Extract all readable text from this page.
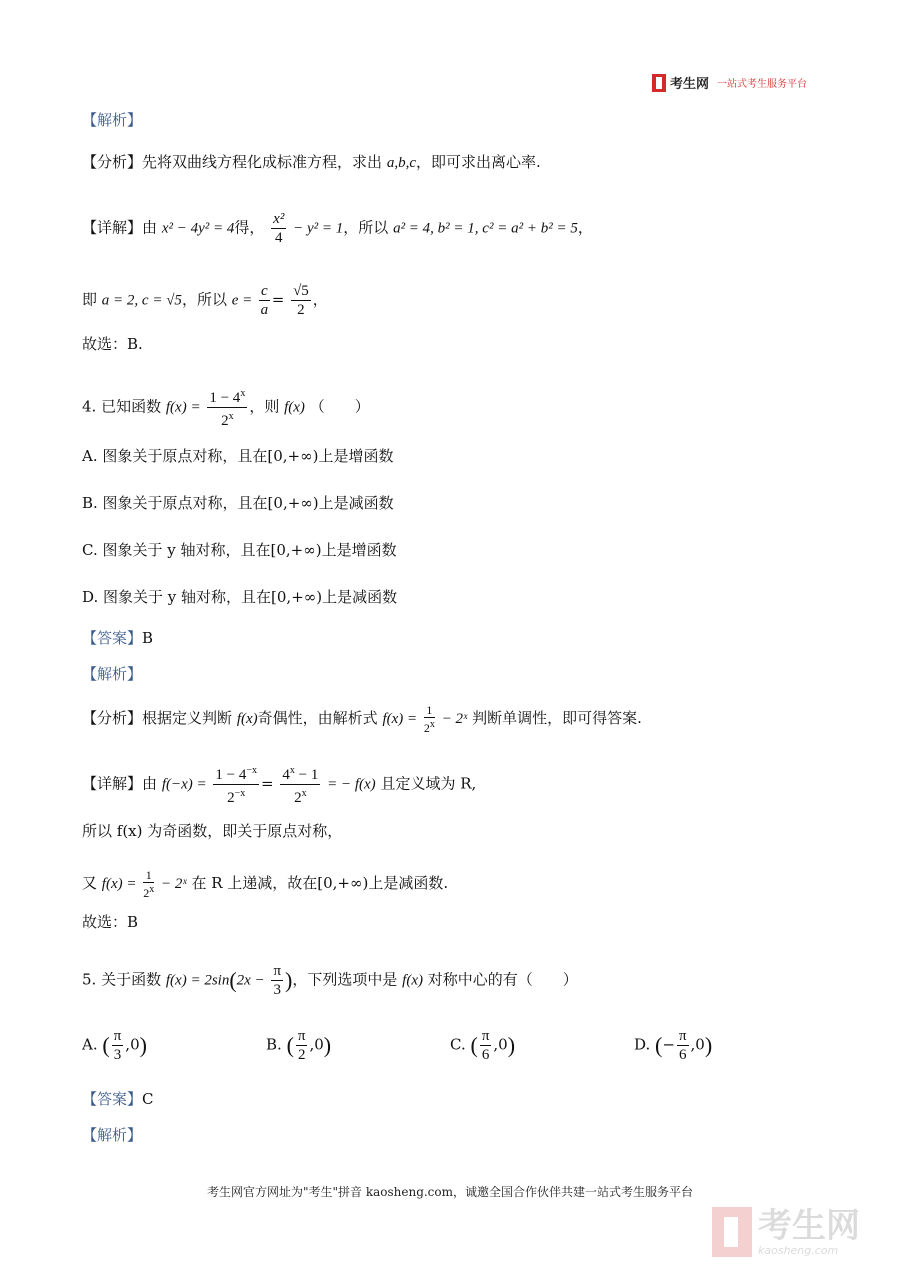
考生网 一站式考生服务平台
【解析】
【分析】先将双曲线方程化成标准方程，求出 a,b,c，即可求出离心率.
【详解】由 x² − 4y² = 4得， $\frac{\text{x²}}{4} - y^2 = 1$，所以 a² = 4, b² = 1, c² = a² + b² = 5，
即 a = 2, c = √5，所以 $e = \frac{c}{a} = \frac{√5}{2}$ ，
故选：B.
4. 已知函数 $f(x) = \frac{1 - 4^x}{2^x}$ ，则 f(x) （　　）
A. 图象关于原点对称，且在[0,+∞)上是增函数
B. 图象关于原点对称，且在[0,+∞)上是减函数
C. 图象关于 y 轴对称，且在[0,+∞)上是增函数
D. 图象关于 y 轴对称，且在[0,+∞)上是减函数
【答案】B
【解析】
【分析】根据定义判断 f(x)奇偶性，由解析式 $f(x) = \frac{1}{2^x}$ − 2ˣ 判断单调性，即可得答案.
【详解】由 $f(-x) = \frac{1 - 4^{-x}}{2^{-x}} = \frac{4^x - 1}{2^x}$ = − f(x) 且定义域为 R,
所以 f(x) 为奇函数，即关于原点对称，
又 $f(x) = \frac{1}{2^x}$ − 2ˣ 在 R 上递减，故在[0,+∞)上是减函数.
故选：B
5. 关于函数 $f(x) = 2\sin(2x - \frac{\pi}{3}$ )，下列选项中是 f(x) 对称中心的有（　　）
A. ( $\frac{\pi}{3} ,0$)	B. ( $\frac{\pi}{2} ,0$)	C. ( $\frac{\pi}{6} ,0$)	D. (− $\frac{\pi}{6} ,0$)
【答案】C
【解析】
考生网官方网址为"考生"拼音 kaosheng.com，诚邀全国合作伙伴共建一站式考生服务平台
考生网
kaosheng.com
